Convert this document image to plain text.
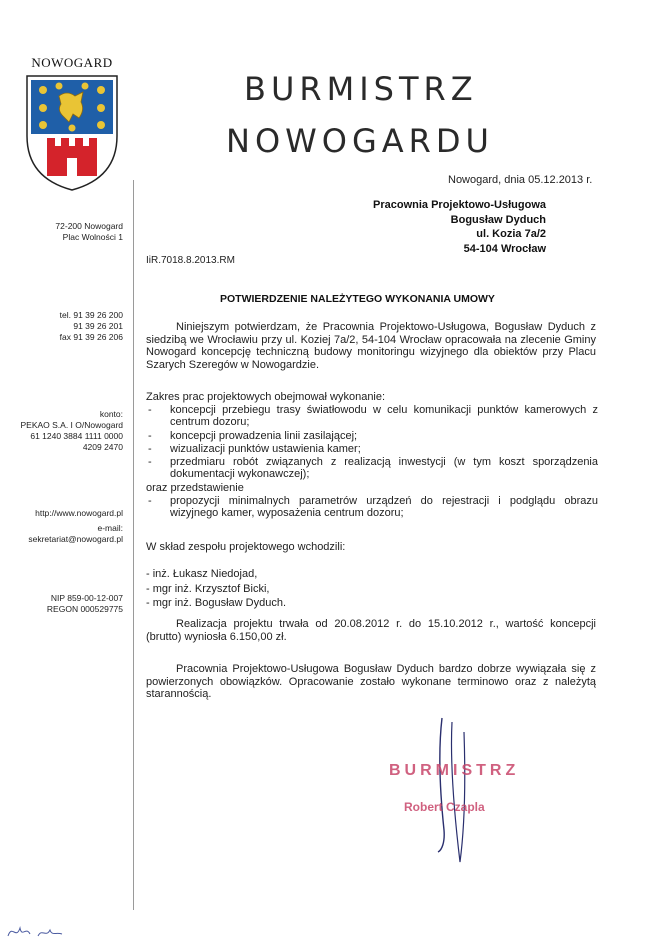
NOWOGARD
72-200 Nowogard
Plac Wolności 1
tel. 91 39 26 200
91 39 26 201
fax 91 39 26 206
konto:
PEKAO S.A. I O/Nowogard
61 1240 3884 1111 0000
4209 2470
http://www.nowogard.pl
e-mail:
sekretariat@nowogard.pl
NIP 859-00-12-007
REGON 000529775
BURMISTRZ
NOWOGARDU
Nowogard, dnia 05.12.2013 r.
Pracownia Projektowo-Usługowa
Bogusław Dyduch
ul. Kozia 7a/2
54-104 Wrocław
IiR.7018.8.2013.RM
POTWIERDZENIE NALEŻYTEGO WYKONANIA UMOWY
Niniejszym potwierdzam, że Pracownia Projektowo-Usługowa, Bogusław Dyduch z siedzibą we Wrocławiu przy ul. Koziej 7a/2, 54-104 Wrocław opracowała na zlecenie Gminy Nowogard koncepcję techniczną budowy monitoringu wizyjnego dla obiektów przy Placu Szarych Szeregów w Nowogardzie.
Zakres prac projektowych obejmował wykonanie:
- koncepcji przebiegu trasy światłowodu w celu komunikacji punktów kamerowych z centrum dozoru;
- koncepcji prowadzenia linii zasilającej;
- wizualizacji punktów ustawienia kamer;
- przedmiaru robót związanych z realizacją inwestycji (w tym koszt sporządzenia dokumentacji wykonawczej);
oraz przedstawienie
- propozycji minimalnych parametrów urządzeń do rejestracji i podglądu obrazu wizyjnego kamer, wyposażenia centrum dozoru;
W skład zespołu projektowego wchodzili:
- inż. Łukasz Niedojad,
- mgr inż. Krzysztof Bicki,
- mgr inż. Bogusław Dyduch.
Realizacja projektu trwała od 20.08.2012 r. do 15.10.2012 r., wartość koncepcji (brutto) wyniosła 6.150,00 zł.
Pracownia Projektowo-Usługowa Bogusław Dyduch bardzo dobrze wywiązała się z powierzonych obowiązków. Opracowanie zostało wykonane terminowo oraz z należytą starannością.
BURMISTRZ
Robert Czapla
